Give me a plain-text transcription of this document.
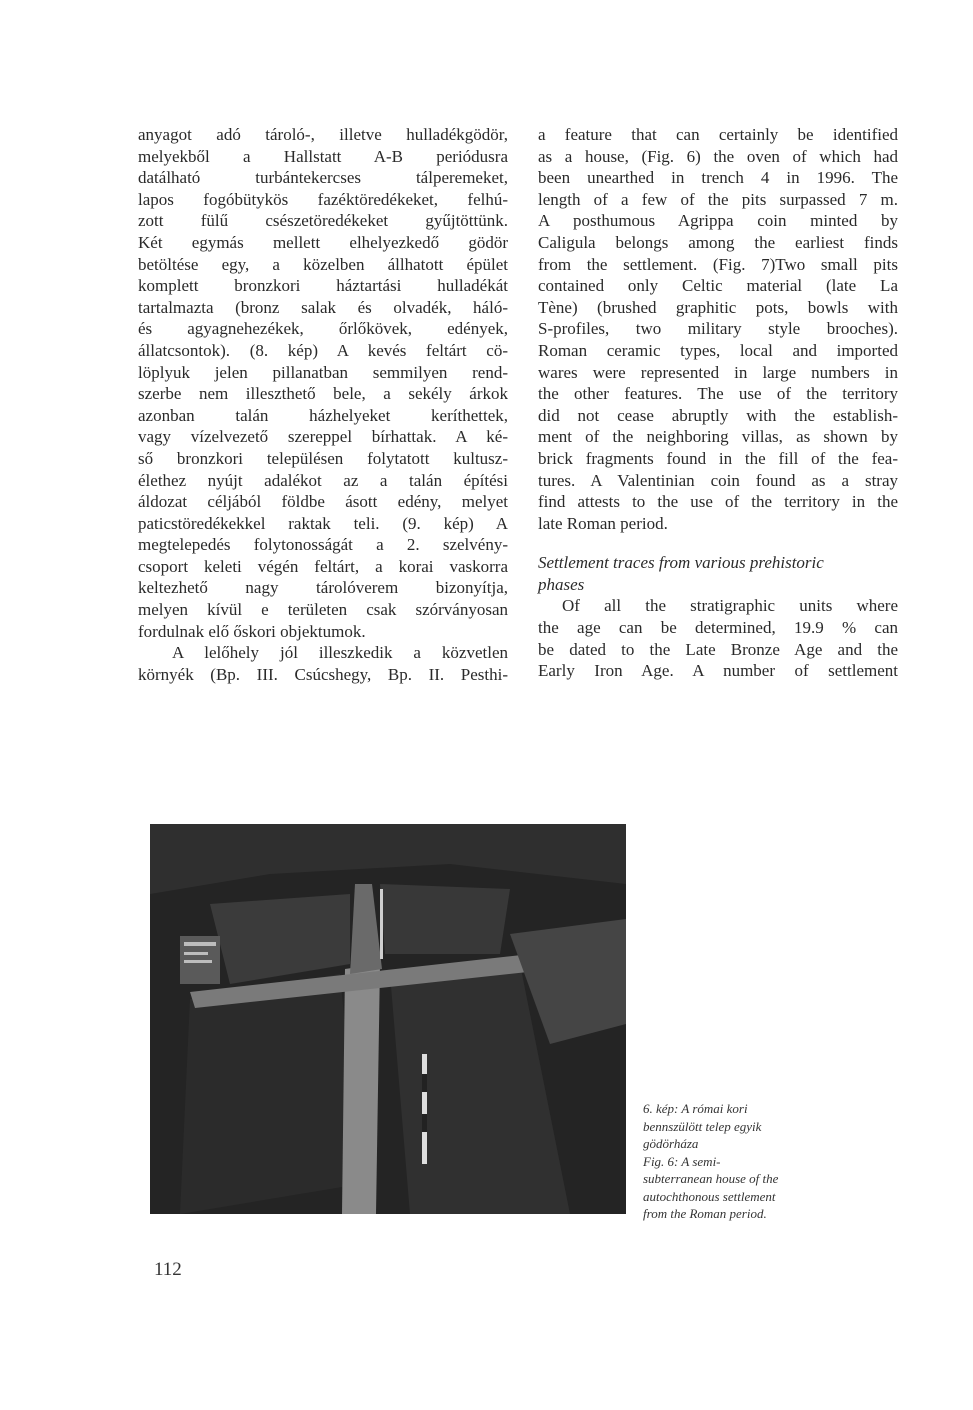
anyagot adó tároló-, illetve hulladékgödör,
melyekből a Hallstatt A-B periódusra
datálható turbántekercses tálperemeket,
lapos fogóbütykös fazéktöredékeket, felhú-
zott fülű csészetöredékeket gyűjtöttünk.
Két egymás mellett elhelyezkedő gödör
betöltése egy, a közelben állhatott épület
komplett bronzkori háztartási hulladékát
tartalmazta (bronz salak és olvadék, háló-
és agyagnehezékek, őrlőkövek, edények,
állatcsontok). (8. kép) A kevés feltárt cö-
löplyuk jelen pillanatban semmilyen rend-
szerbe nem illeszthető bele, a sekély árkok
azonban talán házhelyeket keríthettek,
vagy vízelvezető szereppel bírhattak. A ké-
ső bronzkori településen folytatott kultusz-
élethez nyújt adalékot az a talán építési
áldozat céljából földbe ásott edény, melyet
paticstöredékekkel raktak teli. (9. kép) A
megtelepedés folytonosságát a 2. szelvény-
csoport keleti végén feltárt, a korai vaskorra
keltezhető nagy tárolóverem bizonyítja,
melyen kívül e területen csak szórványosan
fordulnak elő őskori objektumok.
A lelőhely jól illeszkedik a közvetlen
környék (Bp. III. Csúcshegy, Bp. II. Pesthi-
a feature that can certainly be identified
as a house, (Fig. 6) the oven of which had
been unearthed in trench 4 in 1996. The
length of a few of the pits surpassed 7 m.
A posthumous Agrippa coin minted by
Caligula belongs among the earliest finds
from the settlement. (Fig. 7)Two small pits
contained only Celtic material (late La
Tène) (brushed graphitic pots, bowls with
S-profiles, two military style brooches).
Roman ceramic types, local and imported
wares were represented in large numbers in
the other features. The use of the territory
did not cease abruptly with the establish-
ment of the neighboring villas, as shown by
brick fragments found in the fill of the fea-
tures. A Valentinian coin found as a stray
find attests to the use of the territory in the
late Roman period.
Settlement traces from various prehistoric
phases
Of all the stratigraphic units where
the age can be determined, 19.9 % can
be dated to the Late Bronze Age and the
Early Iron Age. A number of settlement
6. kép: A római kori
bennszülött telep egyik
gödörháza
Fig. 6: A semi-
subterranean house of the
autochthonous settlement
from the Roman period.
112
